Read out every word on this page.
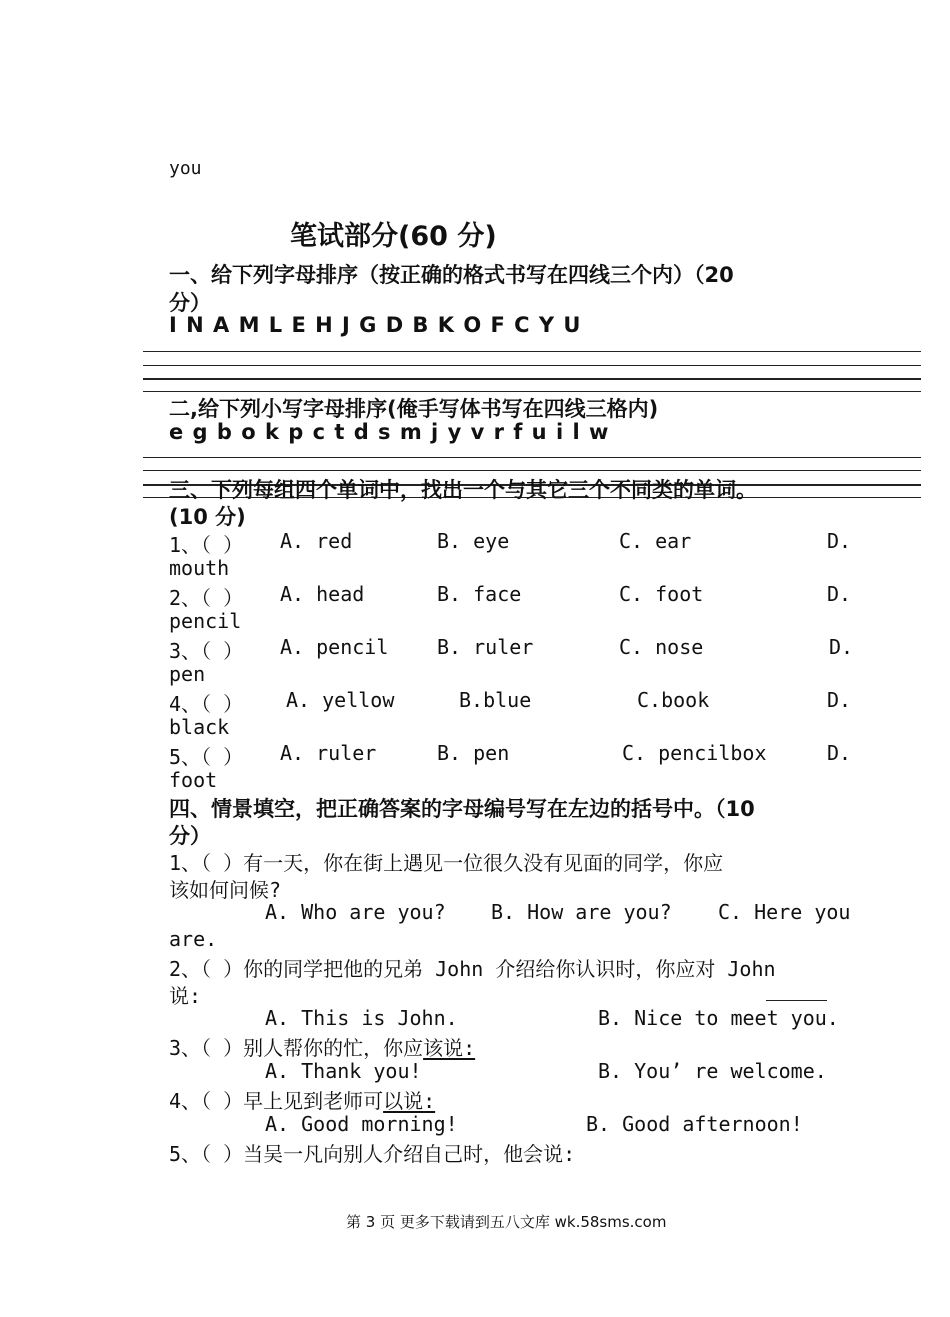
you
笔试部分(60 分)
一、给下列字母排序（按正确的格式书写在四线三个内）（20
分）
I N A M L E H J G D B K O F C Y U
二,给下列小写字母排序(俺手写体书写在四线三格内)
e g b o k p c t d s m j y v r f u i l w
三、下列每组四个单词中，找出一个与其它三个不同类的单词。
(10 分)
1、（ ） A. red	B. eye	C. ear	D.
mouth
2、（ ） A. head	B. face	C. foot	D.
pencil
3、（ ） A. pencil B. ruler	C. nose	D.
pen
4、（ ） A. yellow	B.blue	C.book	D.
black
5、（ ） A. ruler	B. pen	C. pencilbox	D.
foot
四、情景填空，把正确答案的字母编号写在左边的括号中。（10
分）
1、（ ）有一天，你在街上遇见一位很久没有见面的同学，你应
该如何问候?
A. Who are you? B. How are you? C. Here you
are.
2、（ ）你的同学把他的兄弟 John 介绍给你认识时，你应对 John
说:
A. This is John.	B. Nice to meet you.
3、（ ）别人帮你的忙，你应该说:
A. Thank you!	B. You’ re welcome.
4、（ ）早上见到老师可以说:
A. Good morning!	B. Good afternoon!
5、（ ）当吴一凡向别人介绍自己时，他会说:
第 3 页 更多下载请到五八文库 wk.58sms.com
